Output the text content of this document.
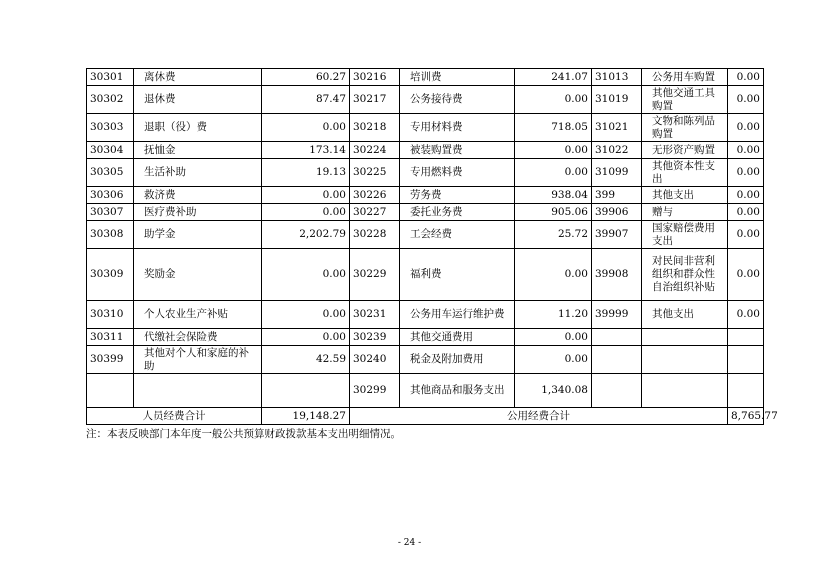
30301	离休费	60.27	30216	培训费	241.07	31013	公务用车购置	0.00
30302	退休费	87.47	30217	公务接待费	0.00	31019	其他交通工具购置	0.00
30303	退职（役）费	0.00	30218	专用材料费	718.05	31021	文物和陈列品购置	0.00
30304	抚恤金	173.14	30224	被装购置费	0.00	31022	无形资产购置	0.00
30305	生活补助	19.13	30225	专用燃料费	0.00	31099	其他资本性支出	0.00
30306	救济费	0.00	30226	劳务费	938.04	399	其他支出	0.00
30307	医疗费补助	0.00	30227	委托业务费	905.06	39906	赠与	0.00
30308	助学金	2,202.79	30228	工会经费	25.72	39907	国家赔偿费用支出	0.00
30309	奖励金	0.00	30229	福利费	0.00	39908	对民间非营利组织和群众性自治组织补贴	0.00
30310	个人农业生产补贴	0.00	30231	公务用车运行维护费	11.20	39999	其他支出	0.00
30311	代缴社会保险费	0.00	30239	其他交通费用	0.00			
30399	其他对个人和家庭的补助	42.59	30240	税金及附加费用	0.00			
			30299	其他商品和服务支出	1,340.08			
人员经费合计		19,148.27	公用经费合计					8,765.77
注：本表反映部门本年度一般公共预算财政拨款基本支出明细情况。
- 24 -
